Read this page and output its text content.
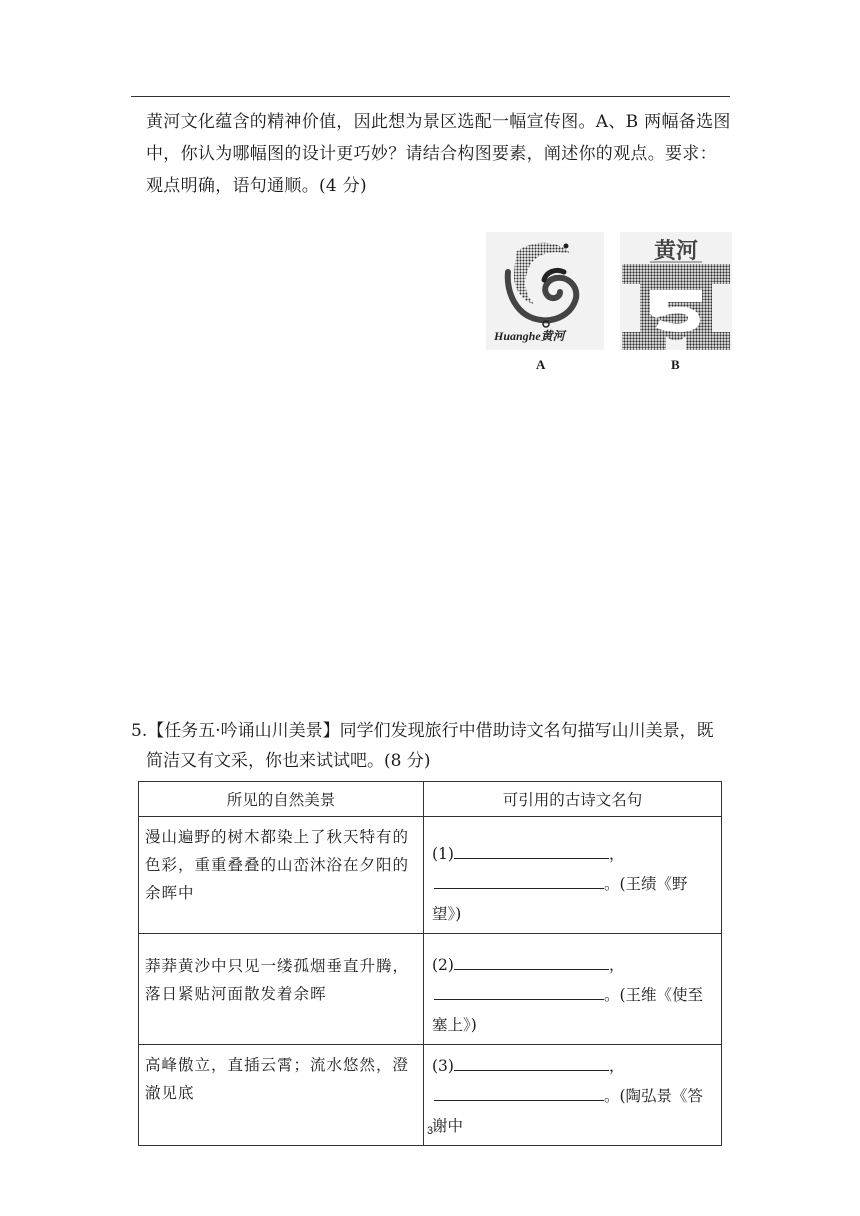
黄河文化蕴含的精神价值，因此想为景区选配一幅宣传图。A、B 两幅备选图中，你认为哪幅图的设计更巧妙？请结合构图要素，阐述你的观点。要求：观点明确，语句通顺。(4 分)

Huanghe黄河
A
黄河
B

5.【任务五·吟诵山川美景】同学们发现旅行中借助诗文名句描写山川美景，既
简洁又有文采，你也来试试吧。(8 分)

所见的自然美景	可引用的古诗文名句
漫山遍野的树木都染上了秋天特有的色彩，重重叠叠的山峦沐浴在夕阳的余晖中	(1) ，
。(王绩《野望》)

莽莽黄沙中只见一缕孤烟垂直升腾，落日紧贴河面散发着余晖	(2) ，
。(王维《使至塞上》)

高峰傲立，直插云霄；流水悠然，澄澈见底	(3) ，
。(陶弘景《答谢中
3
